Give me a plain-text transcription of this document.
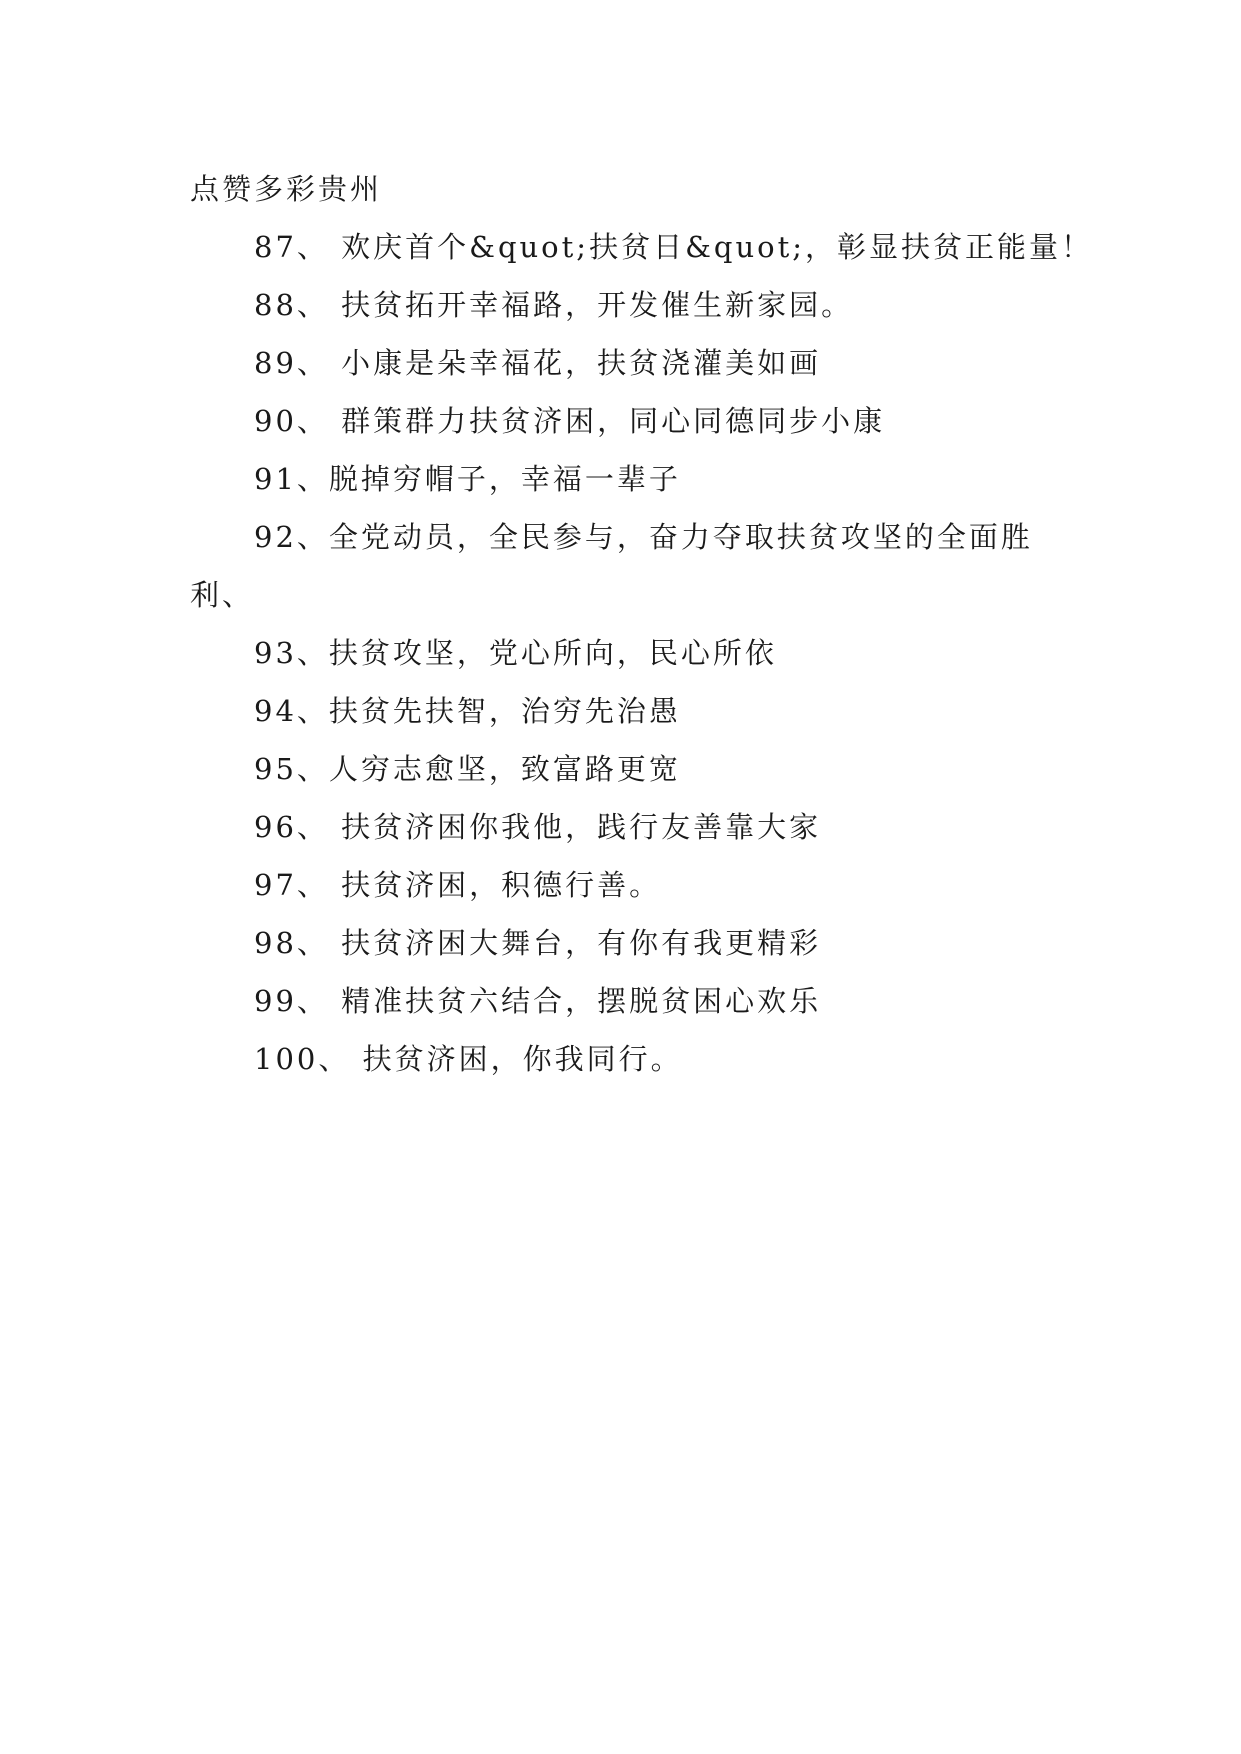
点赞多彩贵州
87、 欢庆首个&quot;扶贫日&quot;，彰显扶贫正能量！
88、 扶贫拓开幸福路，开发催生新家园。
89、 小康是朵幸福花，扶贫浇灌美如画
90、 群策群力扶贫济困，同心同德同步小康
91、脱掉穷帽子，幸福一辈子
92、全党动员，全民参与，奋力夺取扶贫攻坚的全面胜
利、
93、扶贫攻坚，党心所向，民心所依
94、扶贫先扶智，治穷先治愚
95、人穷志愈坚，致富路更宽
96、 扶贫济困你我他，践行友善靠大家
97、 扶贫济困，积德行善。
98、 扶贫济困大舞台，有你有我更精彩
99、 精准扶贫六结合，摆脱贫困心欢乐
100、 扶贫济困，你我同行。
